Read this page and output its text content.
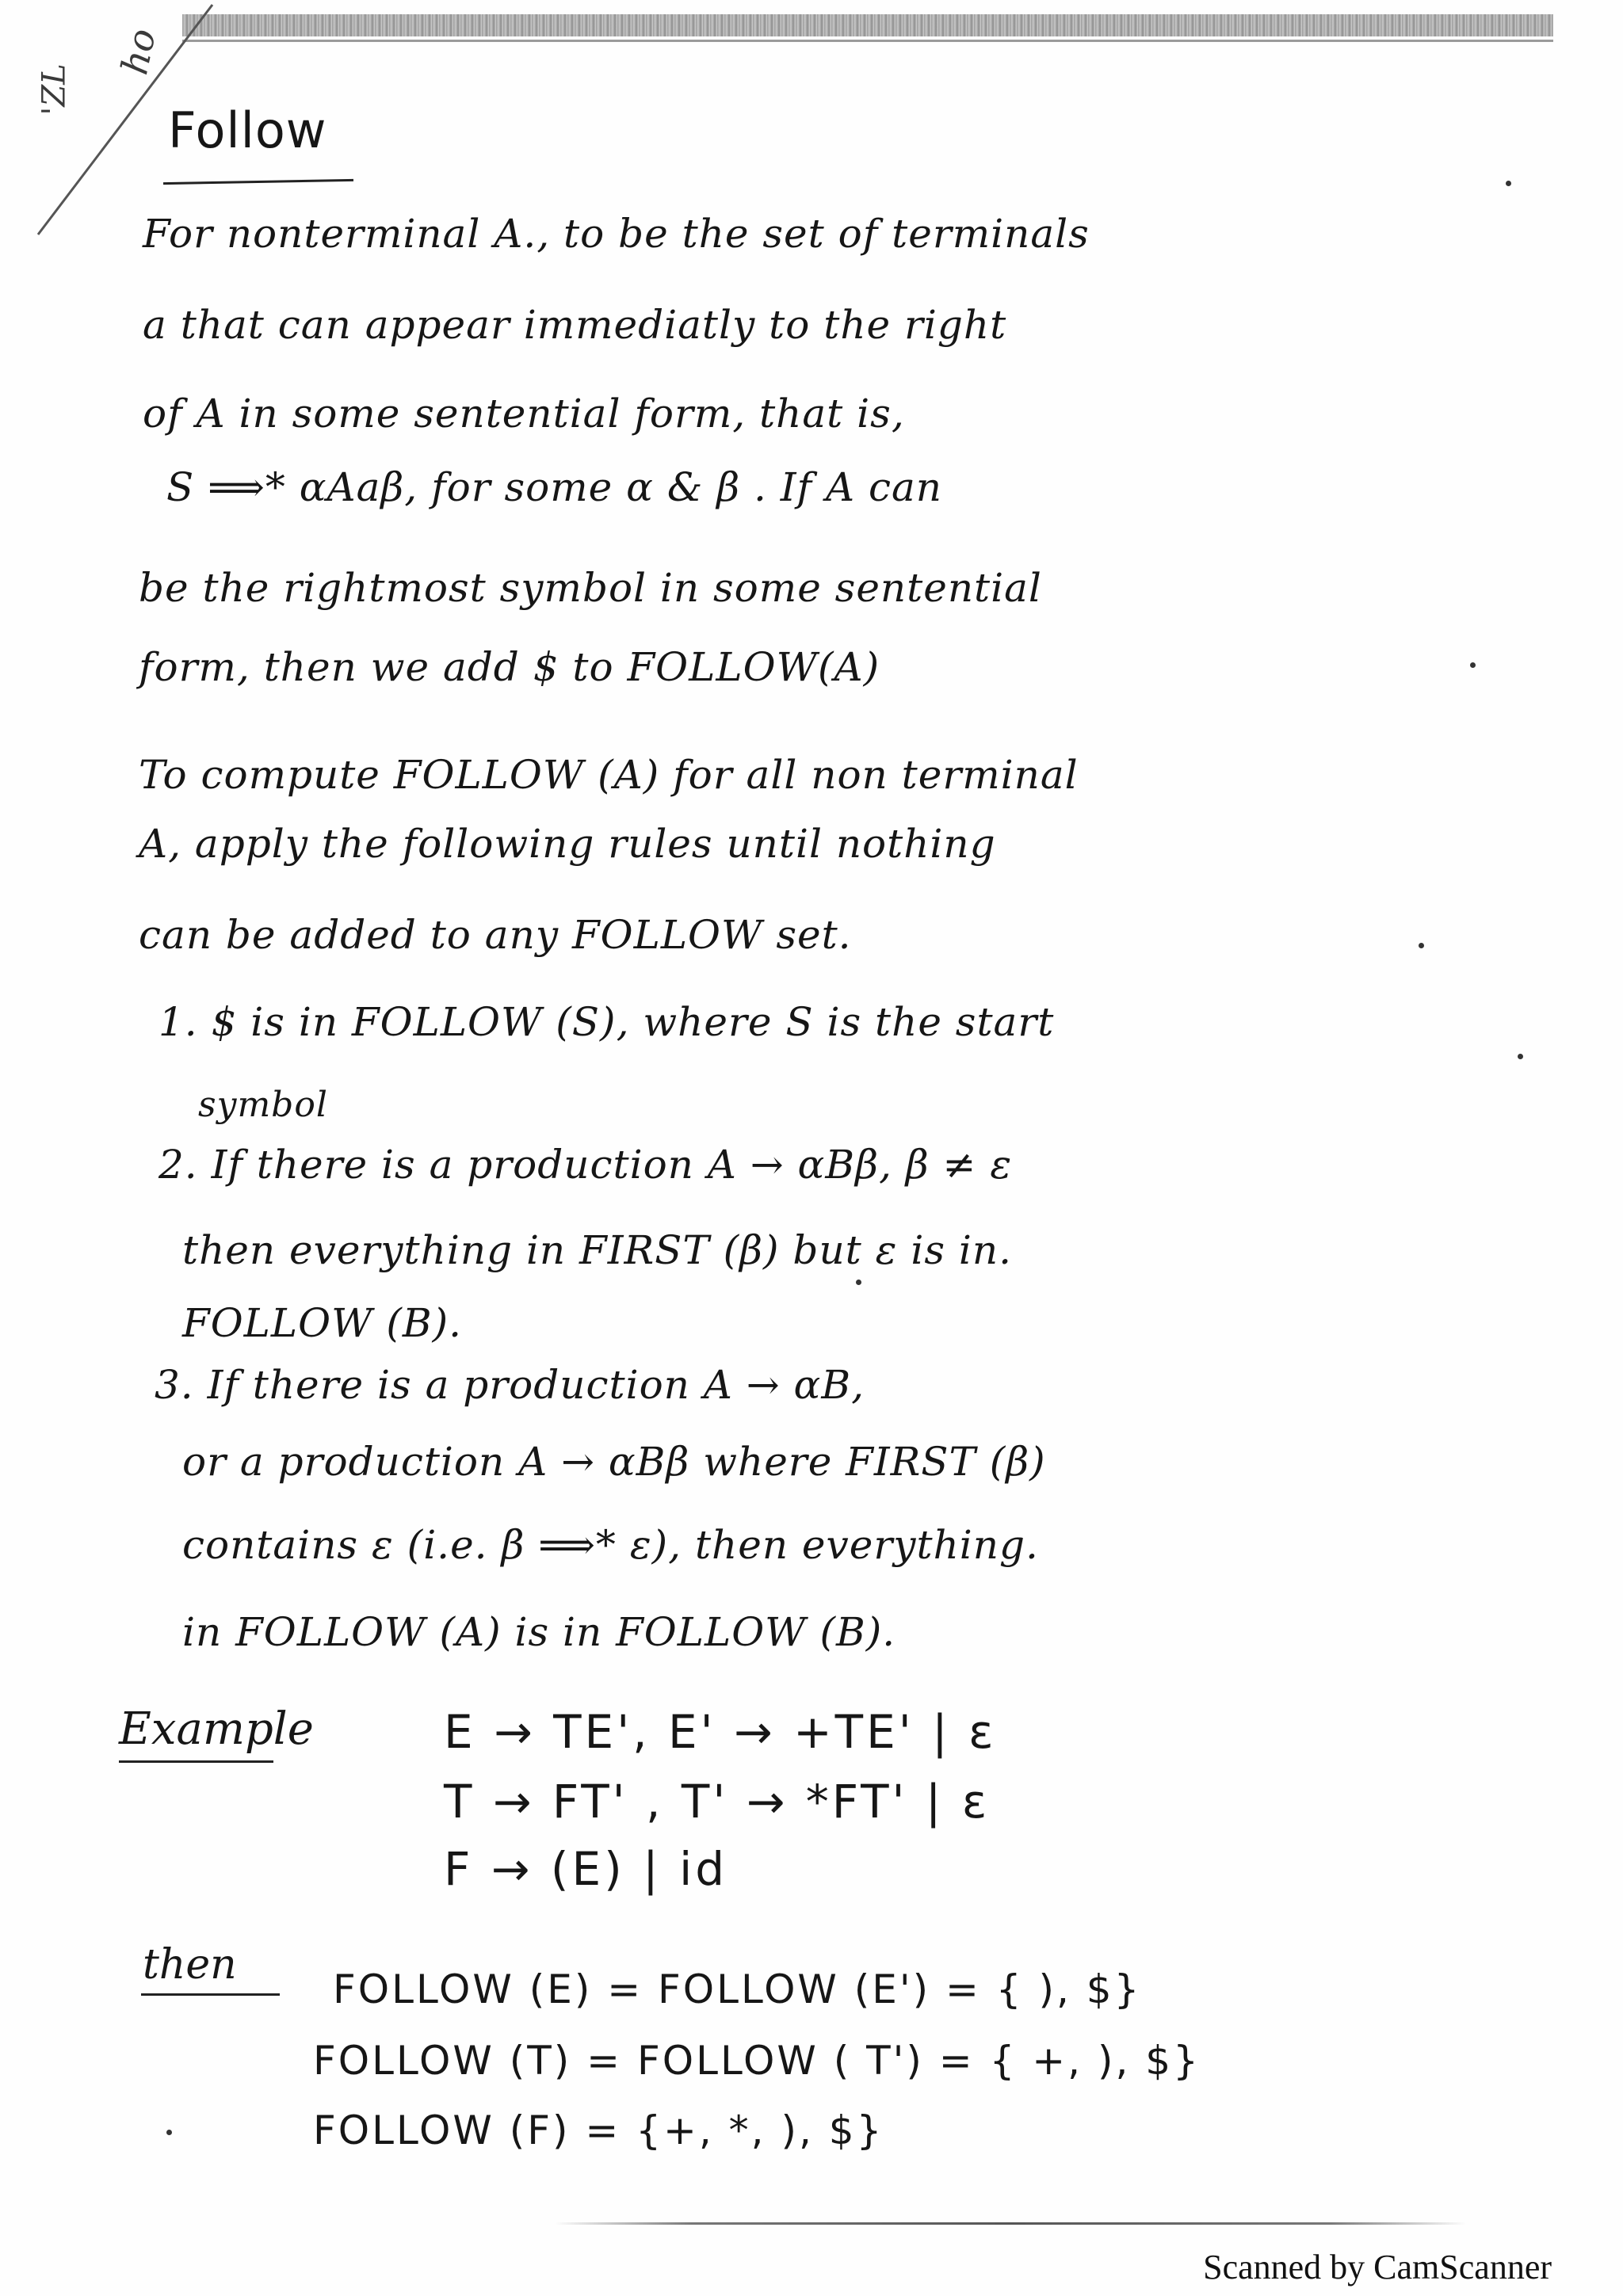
ho
'ZL
Follow
For nonterminal A., to be the set of terminals
a that can appear immediatly to the right
of A in some sentential form, that is,
S ⟹* αAaβ, for some α & β . If A can
be the rightmost symbol in some sentential
form, then we add $ to FOLLOW(A)
To compute FOLLOW (A) for all non terminal
A, apply the following rules until nothing
can be added to any FOLLOW set.
1. $ is in FOLLOW (S), where S is the start
symbol
2. If there is a production A → αBβ, β ≠ ε
then everything in FIRST (β) but ε is in.
FOLLOW (B).
3. If there is a production A → αB,
or a production A → αBβ where FIRST (β)
contains ε (i.e. β ⟹* ε), then everything.
in FOLLOW (A) is in FOLLOW (B).
Example	E → TE', E' → +TE' | ε
T → FT' , T' → *FT' | ε
F → (E) | id
then
FOLLOW (E) = FOLLOW (E') = { ), $}
FOLLOW (T) = FOLLOW ( T') = { +, ), $}
FOLLOW (F) = {+, *, ), $}
Scanned by CamScanner
